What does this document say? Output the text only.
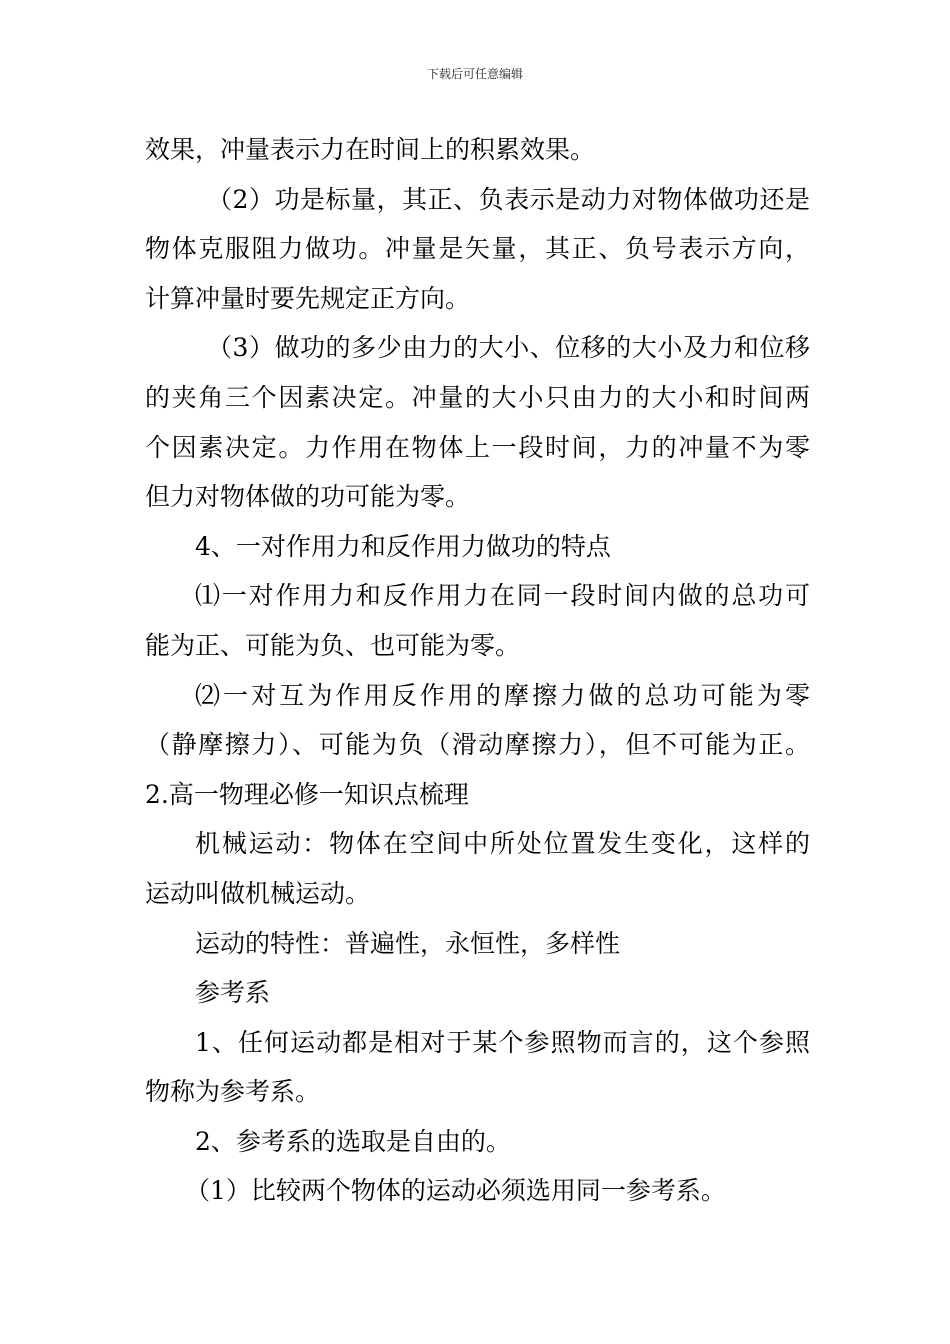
下载后可任意编辑
效果，冲量表示力在时间上的积累效果。
（2）功是标量，其正、负表示是动力对物体做功还是
物体克服阻力做功。冲量是矢量，其正、负号表示方向，
计算冲量时要先规定正方向。
（3）做功的多少由力的大小、位移的大小及力和位移
的夹角三个因素决定。冲量的大小只由力的大小和时间两
个因素决定。力作用在物体上一段时间，力的冲量不为零
但力对物体做的功可能为零。
4、一对作用力和反作用力做功的特点
⑴一对作用力和反作用力在同一段时间内做的总功可
能为正、可能为负、也可能为零。
⑵一对互为作用反作用的摩擦力做的总功可能为零
（静摩擦力）、可能为负（滑动摩擦力），但不可能为正。
2.高一物理必修一知识点梳理
机械运动：物体在空间中所处位置发生变化，这样的
运动叫做机械运动。
运动的特性：普遍性，永恒性，多样性
参考系
1、任何运动都是相对于某个参照物而言的，这个参照
物称为参考系。
2、参考系的选取是自由的。
（1）比较两个物体的运动必须选用同一参考系。
